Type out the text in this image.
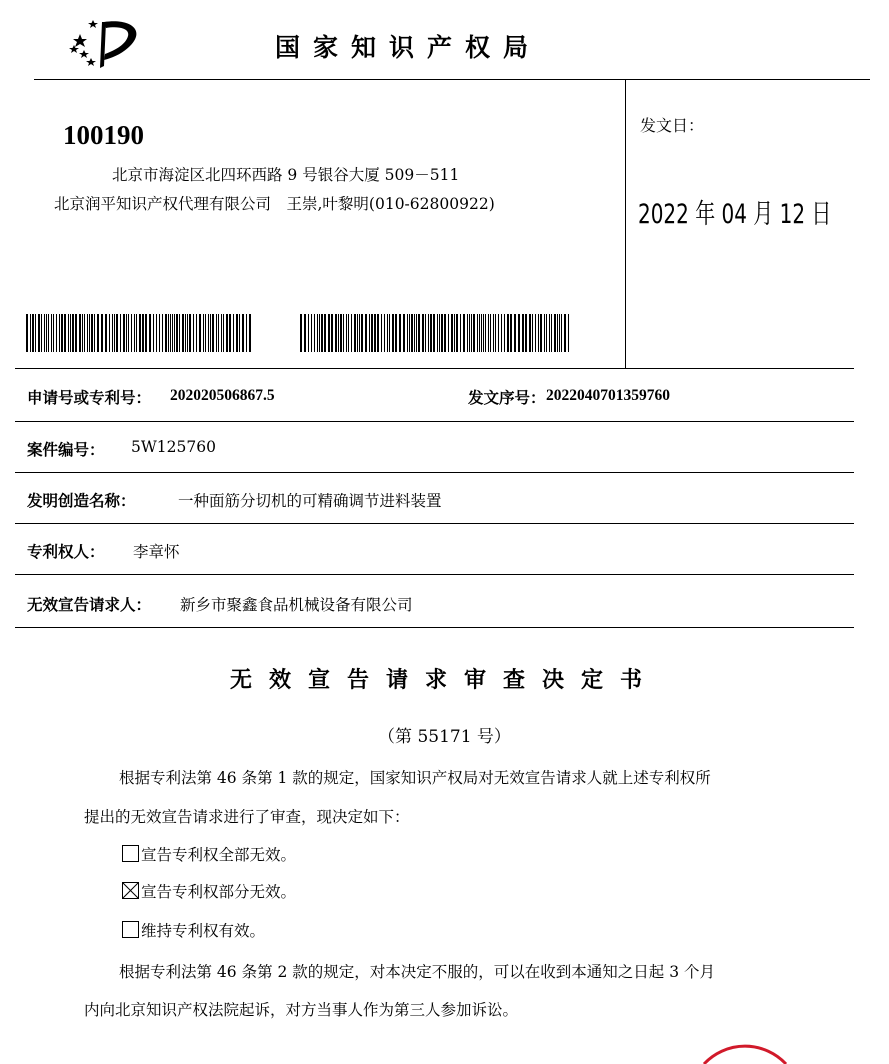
国家知识产权局
100190
北京市海淀区北四环西路 9 号银谷大厦 509－511
北京润平知识产权代理有限公司　王崇,叶黎明(010-62800922)
发文日：
2022 年 04 月 12 日
申请号或专利号： 202020506867.5	发文序号： 2022040701359760
案件编号： 5W125760
发明创造名称：	一种面筋分切机的可精确调节进料装置
专利权人： 李章怀
无效宣告请求人： 新乡市聚鑫食品机械设备有限公司
无效宣告请求审查决定书
（第 55171 号）
根据专利法第 46 条第 1 款的规定，国家知识产权局对无效宣告请求人就上述专利权所
提出的无效宣告请求进行了审查，现决定如下：
宣告专利权全部无效。
宣告专利权部分无效。
维持专利权有效。
根据专利法第 46 条第 2 款的规定，对本决定不服的，可以在收到本通知之日起 3 个月
内向北京知识产权法院起诉，对方当事人作为第三人参加诉讼。
